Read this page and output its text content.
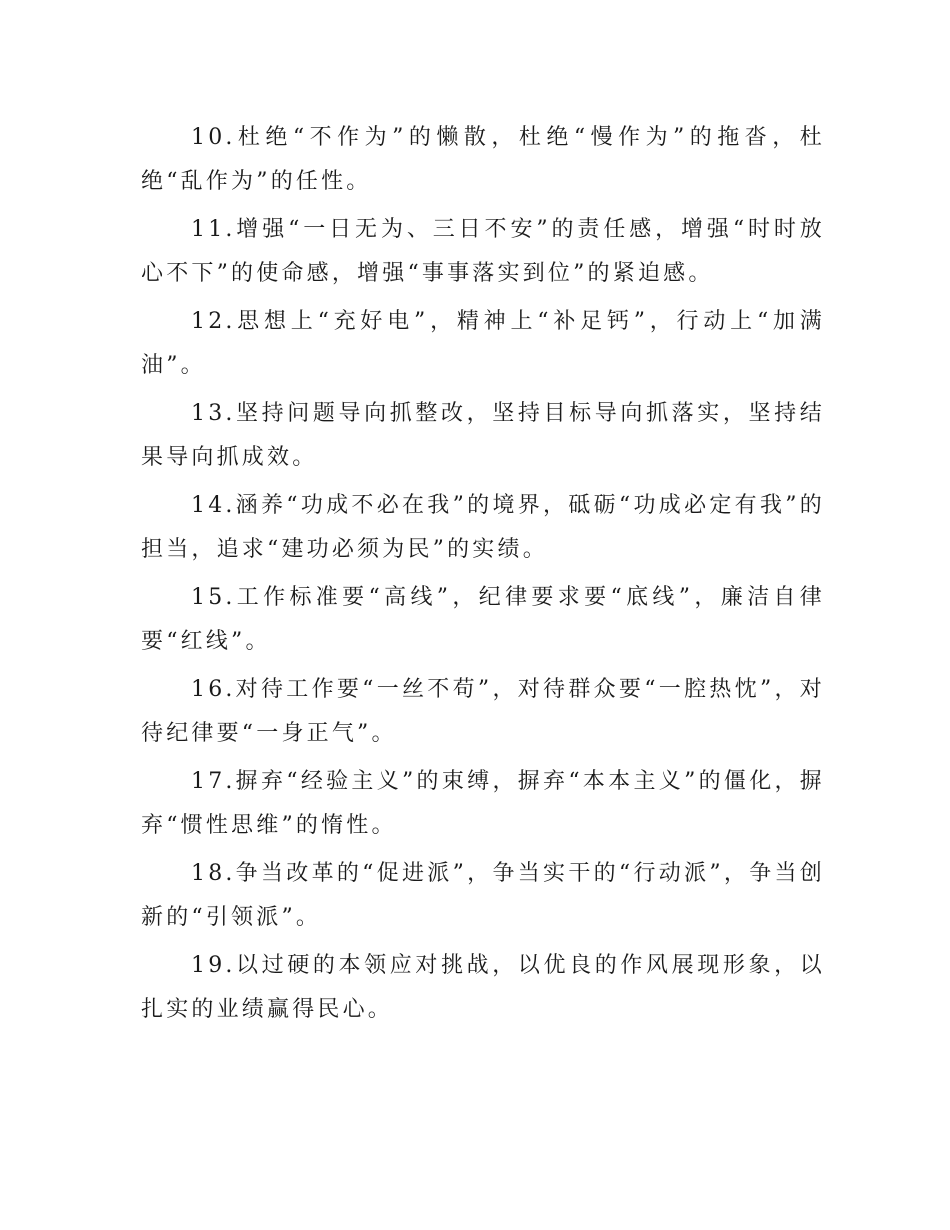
10.杜绝“不作为”的懒散，杜绝“慢作为”的拖沓，杜绝“乱作为”的任性。

11.增强“一日无为、三日不安”的责任感，增强“时时放心不下”的使命感，增强“事事落实到位”的紧迫感。

12.思想上“充好电”，精神上“补足钙”，行动上“加满油”。

13.坚持问题导向抓整改，坚持目标导向抓落实，坚持结果导向抓成效。

14.涵养“功成不必在我”的境界，砥砺“功成必定有我”的担当，追求“建功必须为民”的实绩。

15.工作标准要“高线”，纪律要求要“底线”，廉洁自律要“红线”。

16.对待工作要“一丝不苟”，对待群众要“一腔热忱”，对待纪律要“一身正气”。

17.摒弃“经验主义”的束缚，摒弃“本本主义”的僵化，摒弃“惯性思维”的惰性。

18.争当改革的“促进派”，争当实干的“行动派”，争当创新的“引领派”。

19.以过硬的本领应对挑战，以优良的作风展现形象，以扎实的业绩赢得民心。
